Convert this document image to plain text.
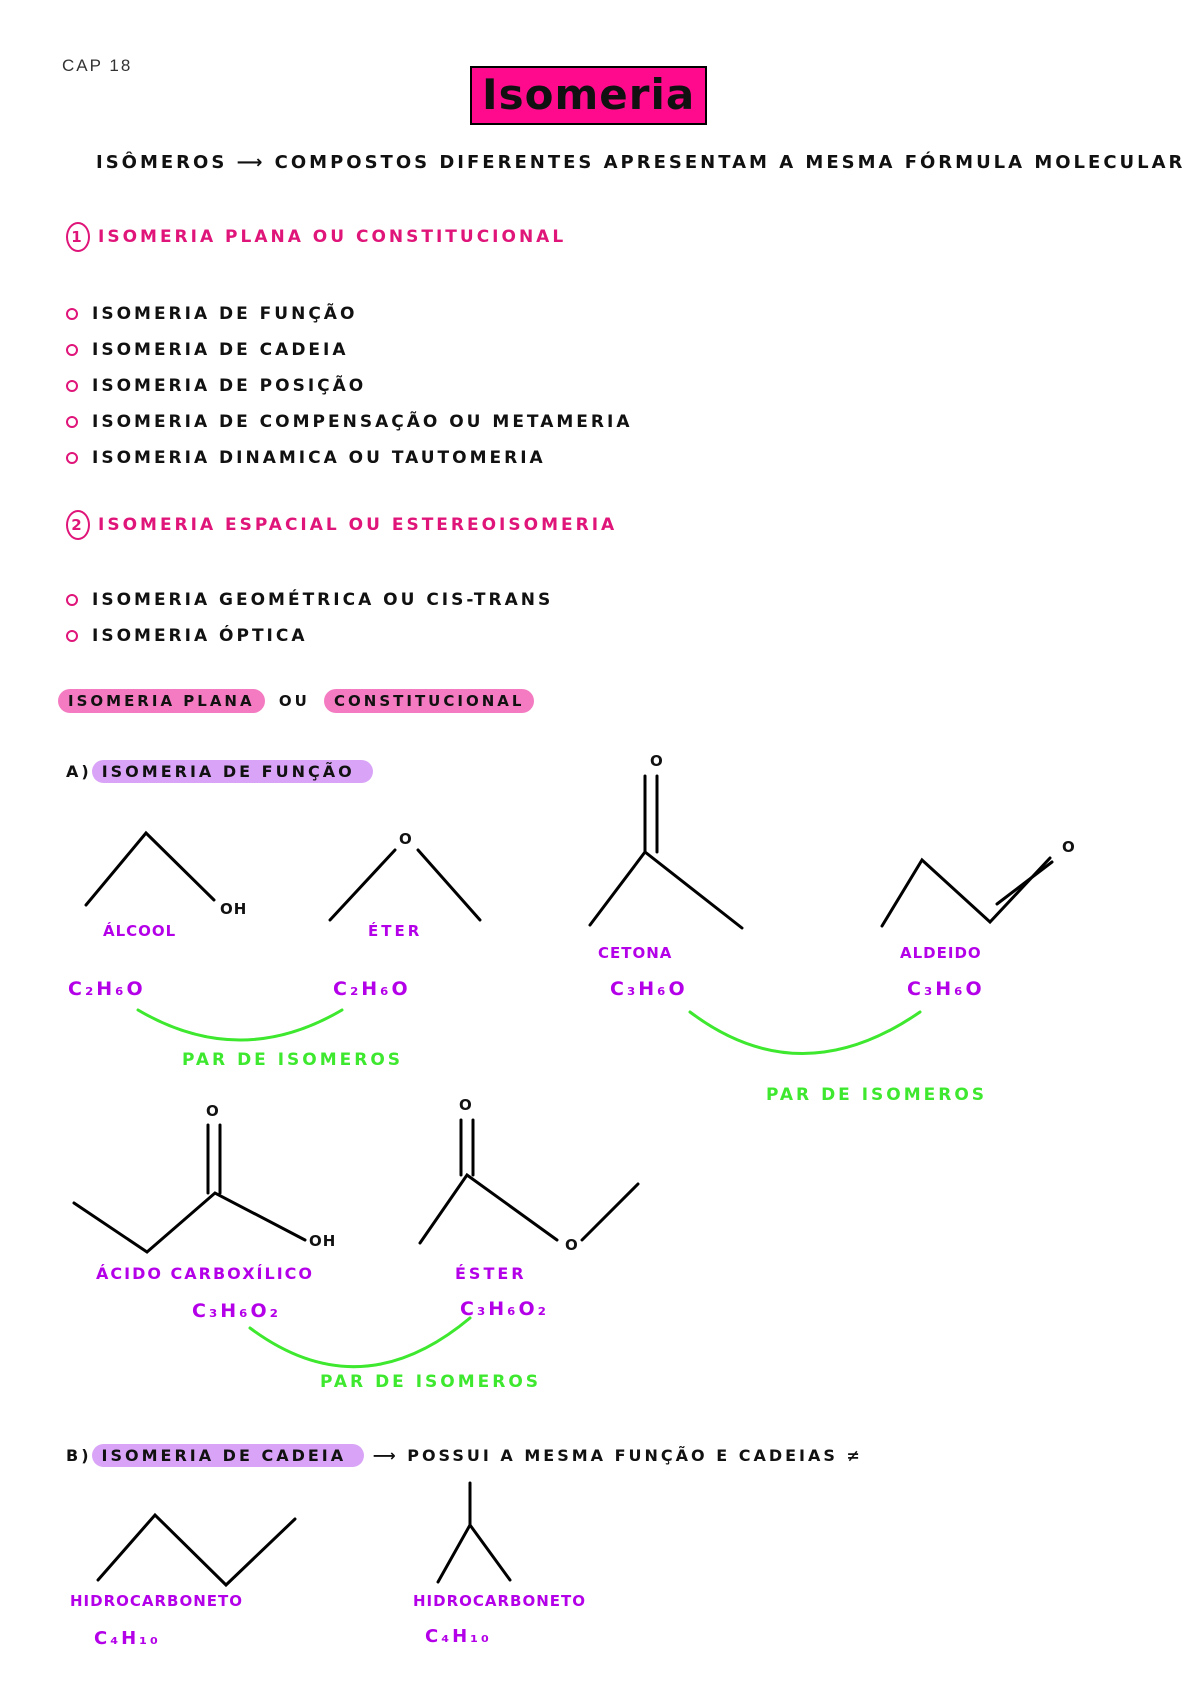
CAP 18
Isomeria
ISÔMEROS ⟶ COMPOSTOS DIFERENTES APRESENTAM A MESMA FÓRMULA MOLECULAR
1 ISOMERIA PLANA OU CONSTITUCIONAL
ISOMERIA DE FUNÇÃO
ISOMERIA DE CADEIA
ISOMERIA DE POSIÇÃO
ISOMERIA DE COMPENSAÇÃO OU METAMERIA
ISOMERIA DINAMICA OU TAUTOMERIA
2 ISOMERIA ESPACIAL OU ESTEREOISOMERIA
ISOMERIA GEOMÉTRICA OU CIS-TRANS
ISOMERIA ÓPTICA
ISOMERIA PLANA OU CONSTITUCIONAL
A) ISOMERIA DE FUNÇÃO
OH
O
O
O
O
OH
O
O
ÁLCOOL
C₂H₆O
ÉTER
C₂H₆O
CETONA
C₃H₆O
ALDEIDO
C₃H₆O
ÁCIDO CARBOXÍLICO
C₃H₆O₂
ÉSTER
C₃H₆O₂
PAR DE ISOMEROS
PAR DE ISOMEROS
PAR DE ISOMEROS
B) ISOMERIA DE CADEIA ⟶ POSSUI A MESMA FUNÇÃO E CADEIAS ≠
HIDROCARBONETO
C₄H₁₀
HIDROCARBONETO
C₄H₁₀
